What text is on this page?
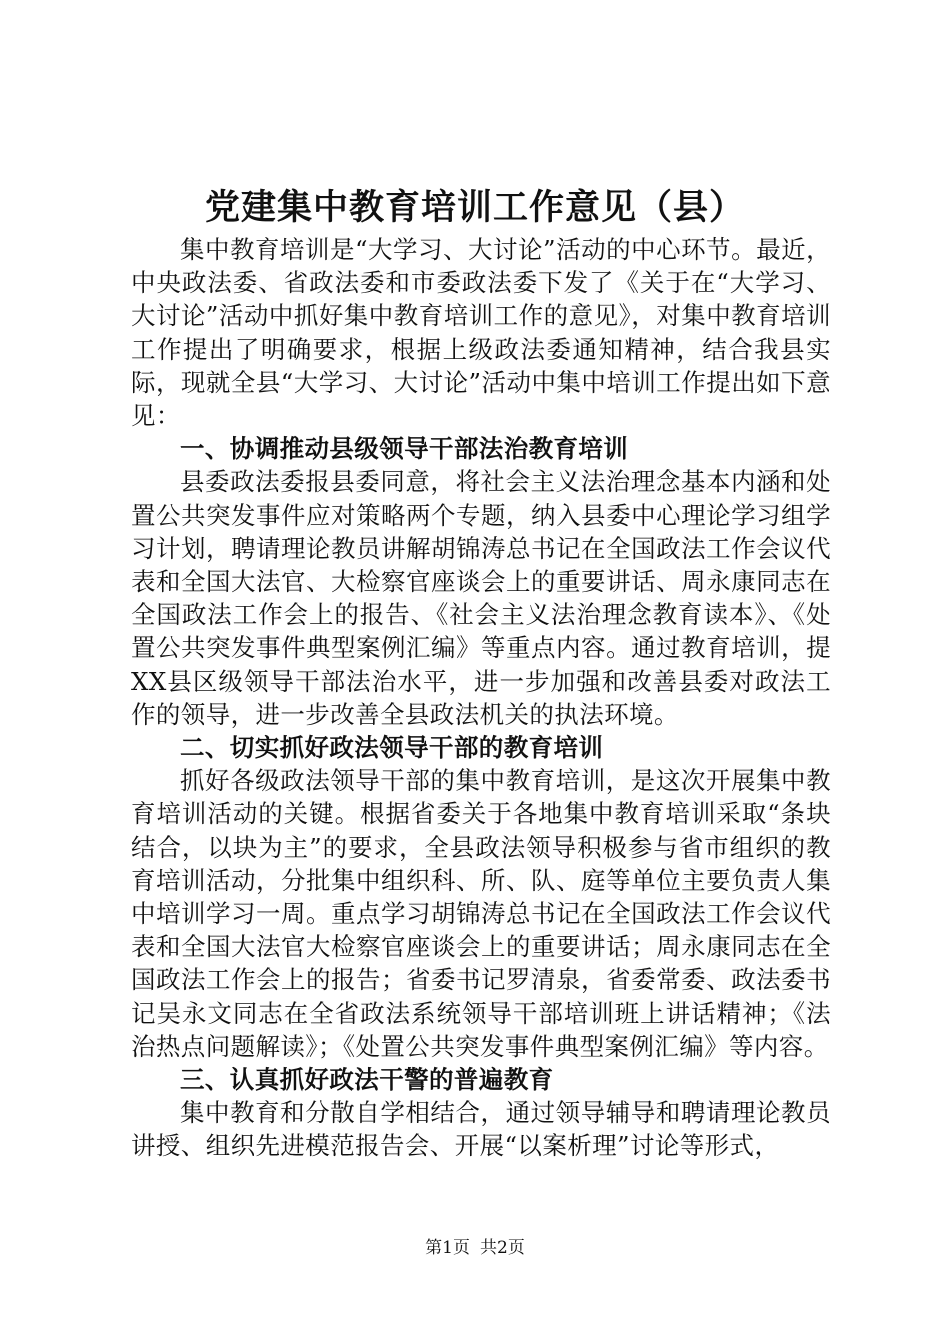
党建集中教育培训工作意见（县）

集中教育培训是“大学习、大讨论”活动的中心环节。最近，中央政法委、省政法委和市委政法委下发了《关于在“大学习、大讨论”活动中抓好集中教育培训工作的意见》，对集中教育培训工作提出了明确要求，根据上级政法委通知精神，结合我县实际，现就全县“大学习、大讨论”活动中集中培训工作提出如下意见：

一、协调推动县级领导干部法治教育培训

县委政法委报县委同意，将社会主义法治理念基本内涵和处置公共突发事件应对策略两个专题，纳入县委中心理论学习组学习计划，聘请理论教员讲解胡锦涛总书记在全国政法工作会议代表和全国大法官、大检察官座谈会上的重要讲话、周永康同志在全国政法工作会上的报告、《社会主义法治理念教育读本》、《处置公共突发事件典型案例汇编》等重点内容。通过教育培训，提XX县区级领导干部法治水平，进一步加强和改善县委对政法工作的领导，进一步改善全县政法机关的执法环境。

二、切实抓好政法领导干部的教育培训

抓好各级政法领导干部的集中教育培训，是这次开展集中教育培训活动的关键。根据省委关于各地集中教育培训采取“条块结合，以块为主”的要求，全县政法领导积极参与省市组织的教育培训活动，分批集中组织科、所、队、庭等单位主要负责人集中培训学习一周。重点学习胡锦涛总书记在全国政法工作会议代表和全国大法官大检察官座谈会上的重要讲话；周永康同志在全国政法工作会上的报告；省委书记罗清泉，省委常委、政法委书记吴永文同志在全省政法系统领导干部培训班上讲话精神；《法治热点问题解读》；《处置公共突发事件典型案例汇编》等内容。

三、认真抓好政法干警的普遍教育

集中教育和分散自学相结合，通过领导辅导和聘请理论教员讲授、组织先进模范报告会、开展“以案析理”讨论等形式，

第1页 共2页
